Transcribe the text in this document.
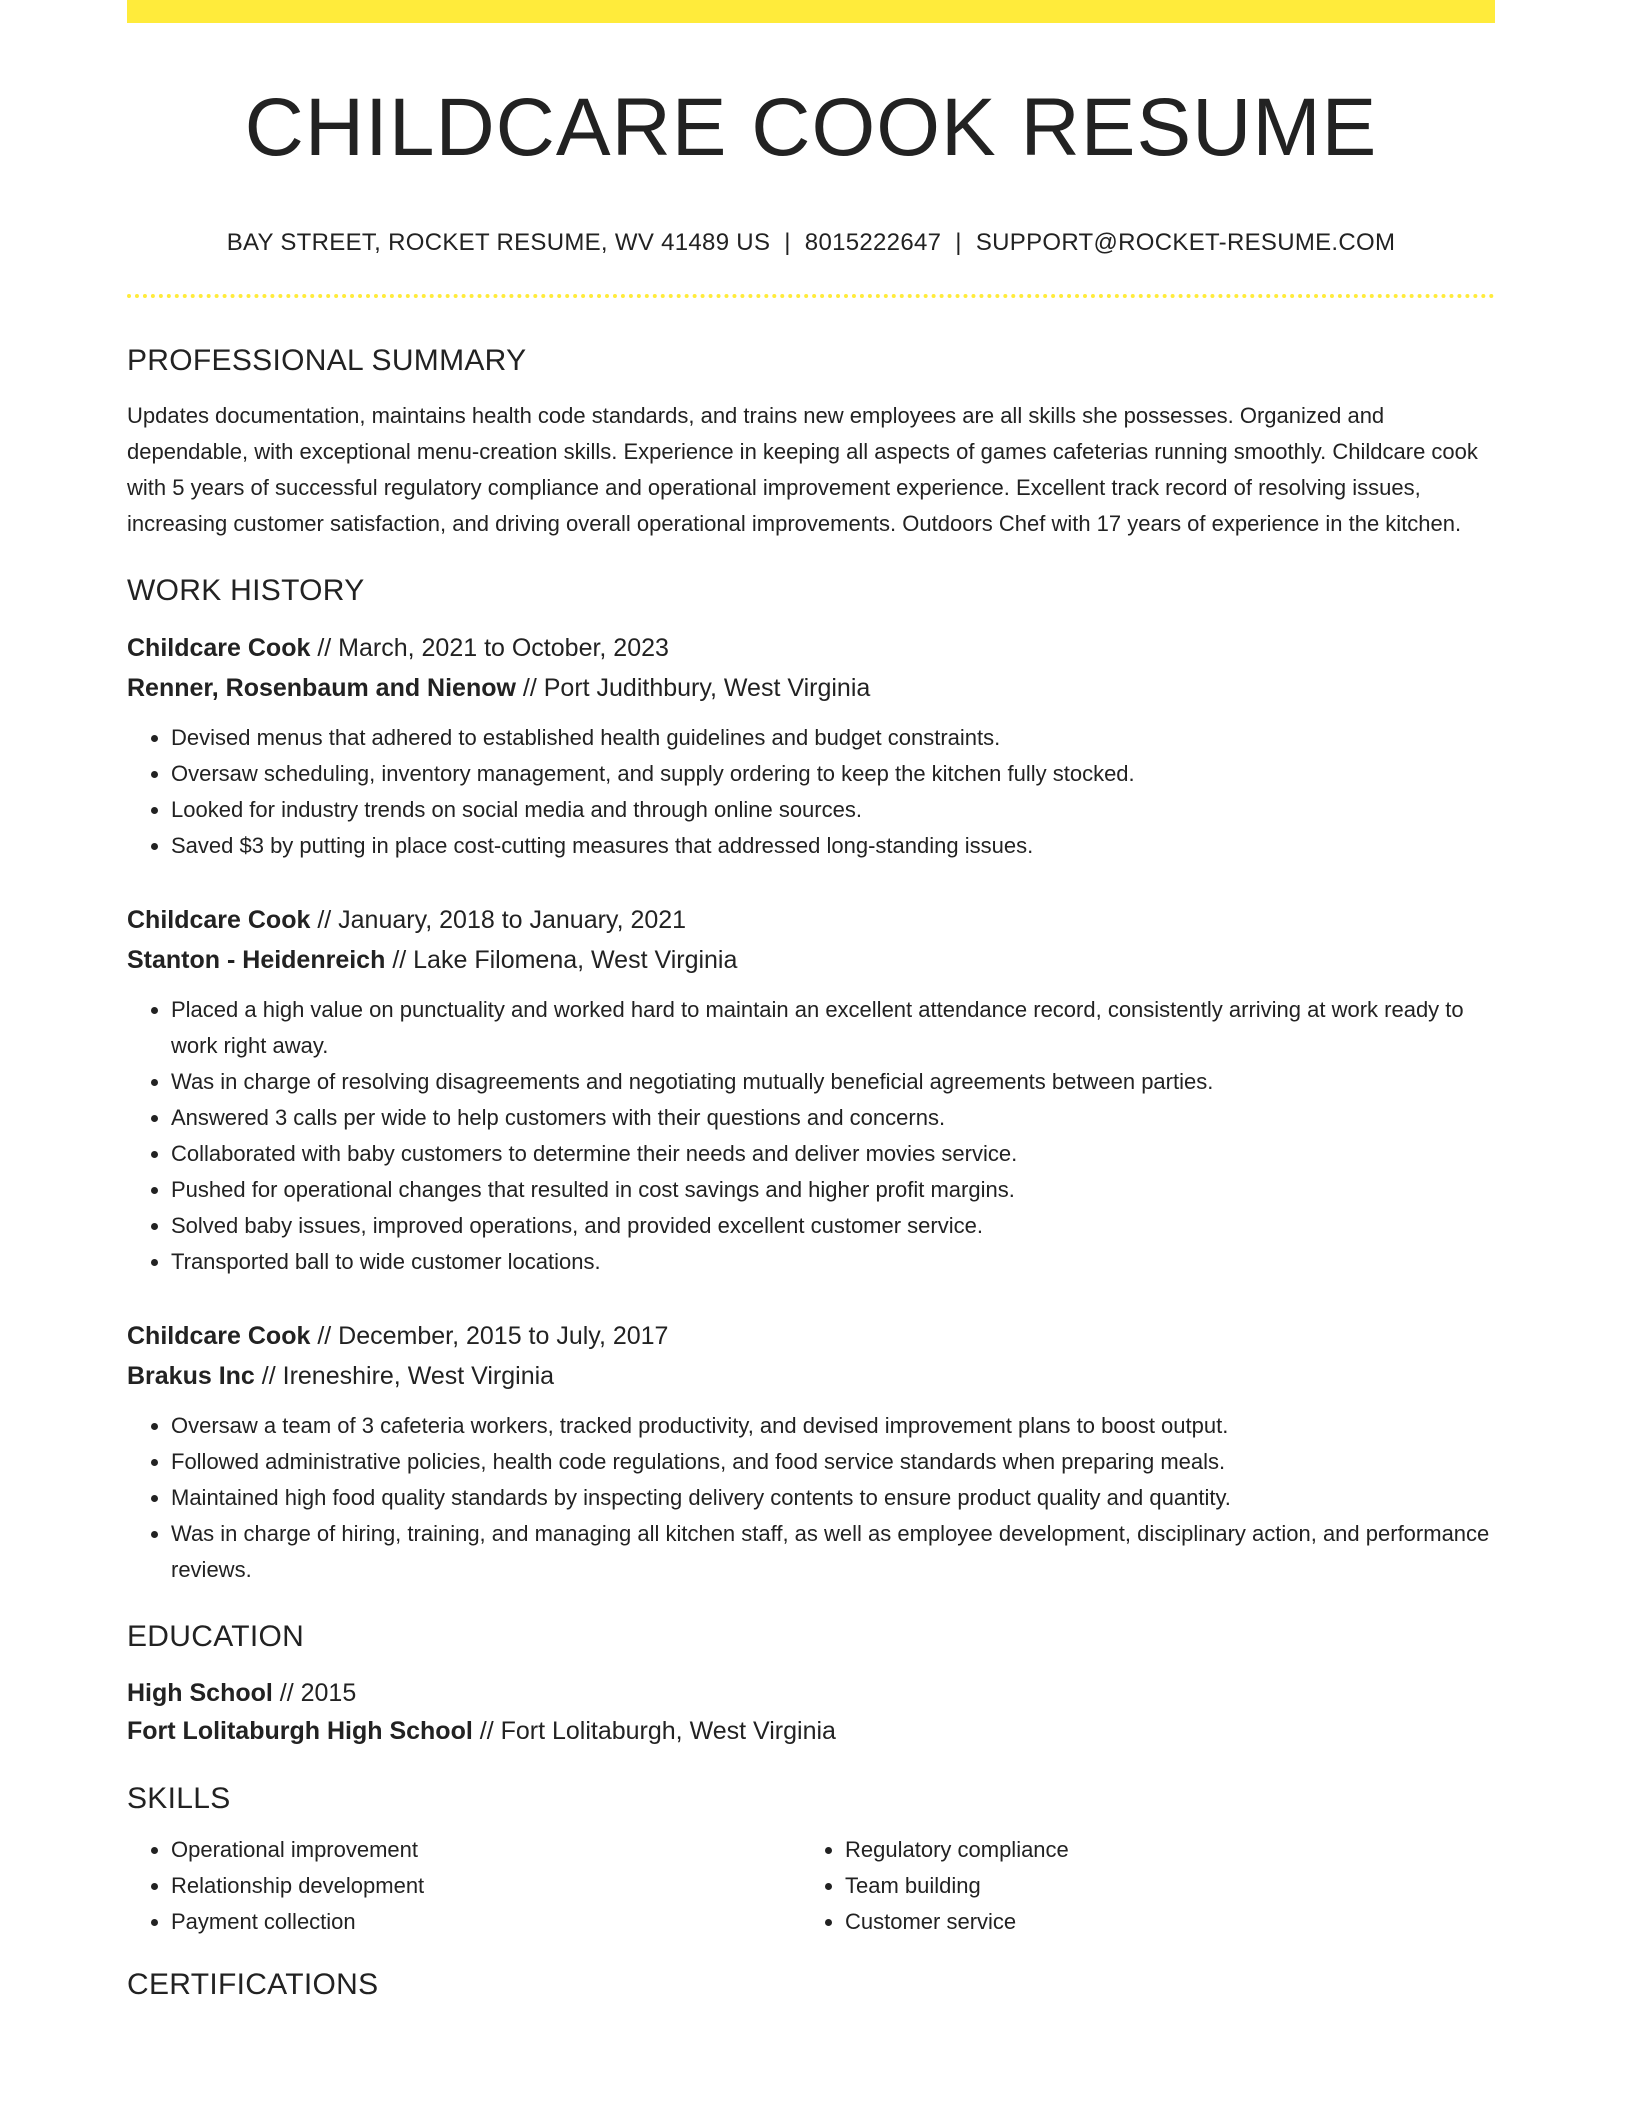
CHILDCARE COOK RESUME
BAY STREET, ROCKET RESUME, WV 41489 US | 8015222647 | SUPPORT@ROCKET-RESUME.COM
PROFESSIONAL SUMMARY
Updates documentation, maintains health code standards, and trains new employees are all skills she possesses. Organized and dependable, with exceptional menu-creation skills. Experience in keeping all aspects of games cafeterias running smoothly. Childcare cook with 5 years of successful regulatory compliance and operational improvement experience. Excellent track record of resolving issues, increasing customer satisfaction, and driving overall operational improvements. Outdoors Chef with 17 years of experience in the kitchen.
WORK HISTORY
Childcare Cook // March, 2021 to October, 2023
Renner, Rosenbaum and Nienow // Port Judithbury, West Virginia
• Devised menus that adhered to established health guidelines and budget constraints.
• Oversaw scheduling, inventory management, and supply ordering to keep the kitchen fully stocked.
• Looked for industry trends on social media and through online sources.
• Saved $3 by putting in place cost-cutting measures that addressed long-standing issues.
Childcare Cook // January, 2018 to January, 2021
Stanton - Heidenreich // Lake Filomena, West Virginia
• Placed a high value on punctuality and worked hard to maintain an excellent attendance record, consistently arriving at work ready to work right away.
• Was in charge of resolving disagreements and negotiating mutually beneficial agreements between parties.
• Answered 3 calls per wide to help customers with their questions and concerns.
• Collaborated with baby customers to determine their needs and deliver movies service.
• Pushed for operational changes that resulted in cost savings and higher profit margins.
• Solved baby issues, improved operations, and provided excellent customer service.
• Transported ball to wide customer locations.
Childcare Cook // December, 2015 to July, 2017
Brakus Inc // Ireneshire, West Virginia
• Oversaw a team of 3 cafeteria workers, tracked productivity, and devised improvement plans to boost output.
• Followed administrative policies, health code regulations, and food service standards when preparing meals.
• Maintained high food quality standards by inspecting delivery contents to ensure product quality and quantity.
• Was in charge of hiring, training, and managing all kitchen staff, as well as employee development, disciplinary action, and performance reviews.
EDUCATION
High School // 2015
Fort Lolitaburgh High School // Fort Lolitaburgh, West Virginia
SKILLS
• Operational improvement
• Relationship development
• Payment collection
• Regulatory compliance
• Team building
• Customer service
CERTIFICATIONS
